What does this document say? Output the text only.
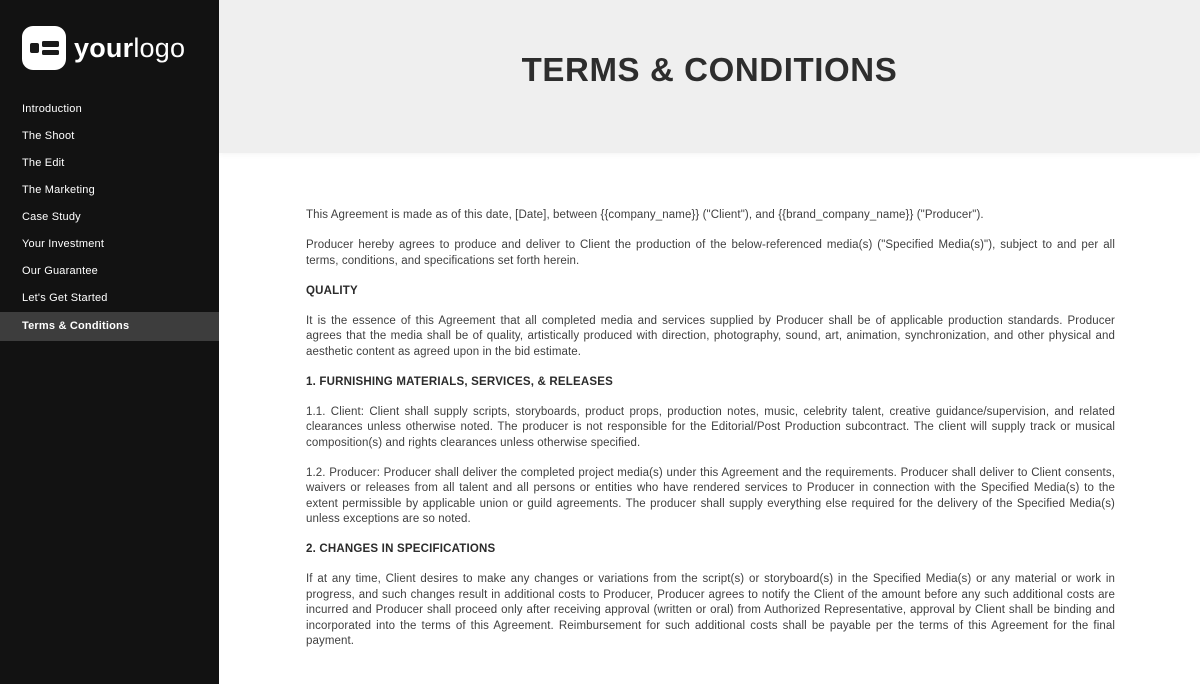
yourlogo
Introduction
The Shoot
The Edit
The Marketing
Case Study
Your Investment
Our Guarantee
Let's Get Started
Terms & Conditions
TERMS & CONDITIONS

This Agreement is made as of this date, [Date], between {{company_name}} ("Client"), and {{brand_company_name}} ("Producer").

Producer hereby agrees to produce and deliver to Client the production of the below-referenced media(s) ("Specified Media(s)"), subject to and per all terms, conditions, and specifications set forth herein.

QUALITY

It is the essence of this Agreement that all completed media and services supplied by Producer shall be of applicable production standards. Producer agrees that the media shall be of quality, artistically produced with direction, photography, sound, art, animation, synchronization, and other physical and aesthetic content as agreed upon in the bid estimate.

1. FURNISHING MATERIALS, SERVICES, & RELEASES

1.1. Client: Client shall supply scripts, storyboards, product props, production notes, music, celebrity talent, creative guidance/supervision, and related clearances unless otherwise noted. The producer is not responsible for the Editorial/Post Production subcontract. The client will supply track or musical composition(s) and rights clearances unless otherwise specified.

1.2. Producer: Producer shall deliver the completed project media(s) under this Agreement and the requirements. Producer shall deliver to Client consents, waivers or releases from all talent and all persons or entities who have rendered services to Producer in connection with the Specified Media(s) to the extent permissible by applicable union or guild agreements. The producer shall supply everything else required for the delivery of the Specified Media(s) unless exceptions are so noted.

2. CHANGES IN SPECIFICATIONS

If at any time, Client desires to make any changes or variations from the script(s) or storyboard(s) in the Specified Media(s) or any material or work in progress, and such changes result in additional costs to Producer, Producer agrees to notify the Client of the amount before any such additional costs are incurred and Producer shall proceed only after receiving approval (written or oral) from Authorized Representative, approval by Client shall be binding and incorporated into the terms of this Agreement. Reimbursement for such additional costs shall be payable per the terms of this Agreement for the final payment.
